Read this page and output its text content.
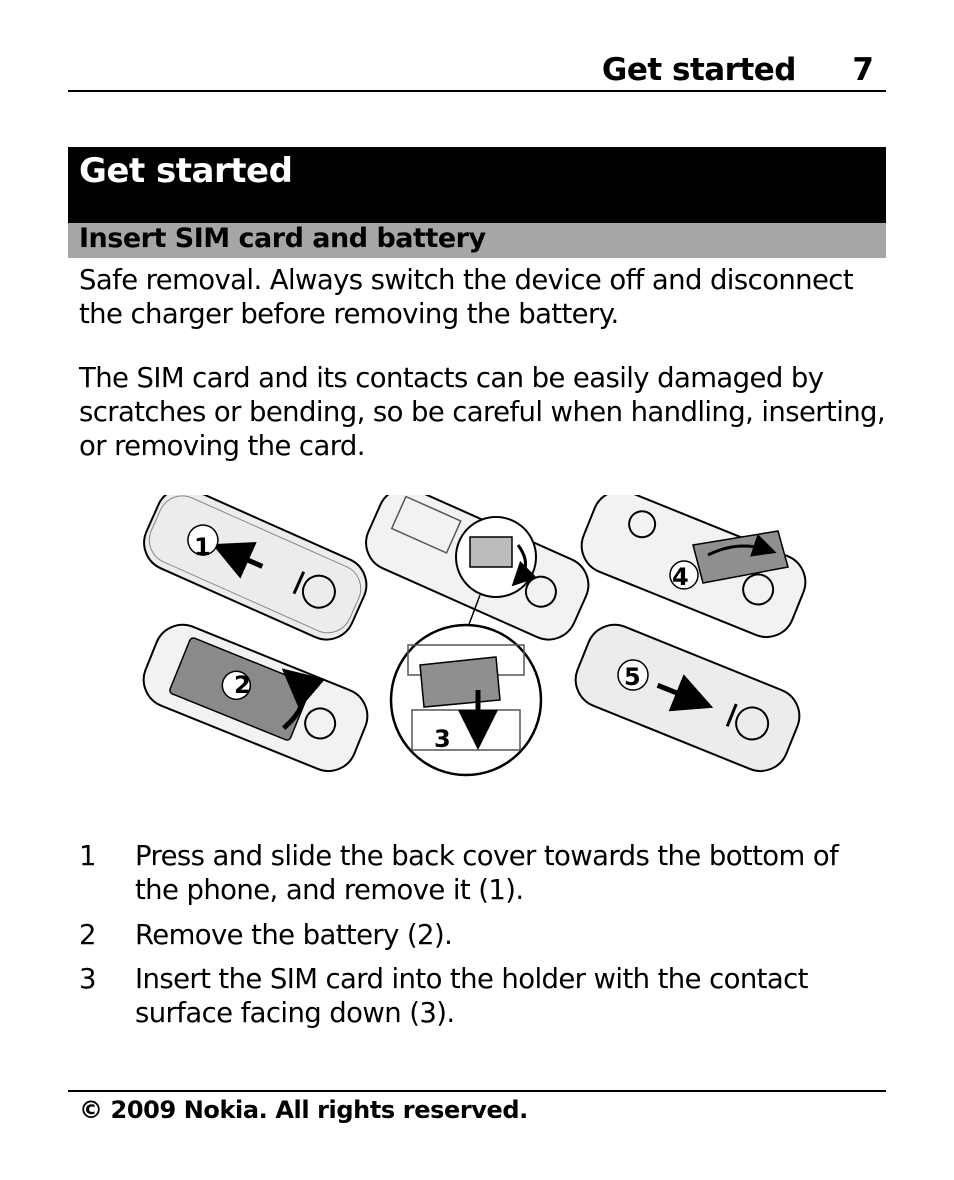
Get started 7
Get started
Insert SIM card and battery
Safe removal. Always switch the device off and disconnect the charger before removing the battery.
The SIM card and its contacts can be easily damaged by scratches or bending, so be careful when handling, inserting, or removing the card.
1
2
3
4
5
1 Press and slide the back cover towards the bottom of the phone, and remove it (1).
2 Remove the battery (2).
3 Insert the SIM card into the holder with the contact surface facing down (3).
© 2009 Nokia. All rights reserved.
